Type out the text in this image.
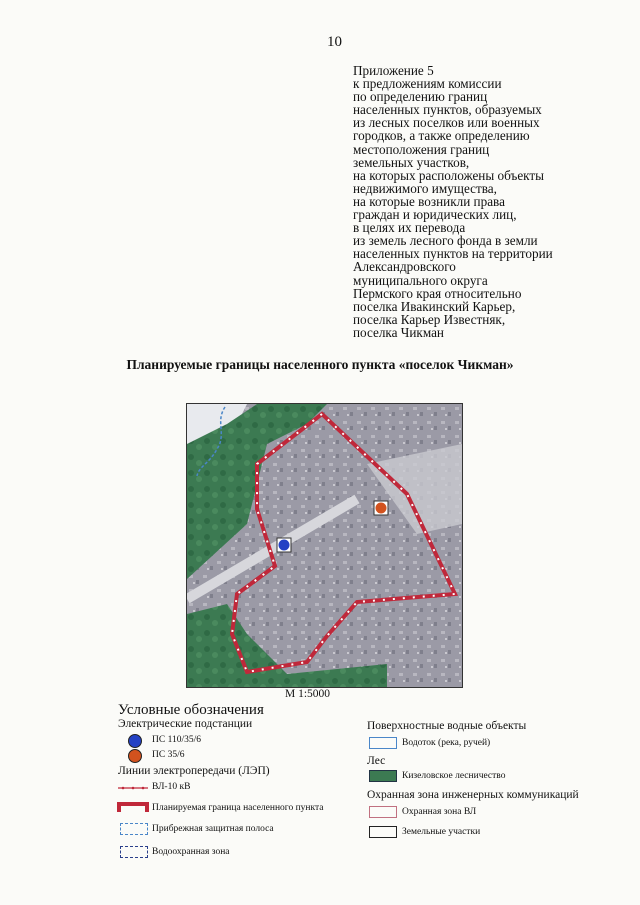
10
Приложение 5
к предложениям комиссии
по определению границ
населенных пунктов, образуемых
из лесных поселков или военных
городков, а также определению
местоположения границ
земельных участков,
на которых расположены объекты
недвижимого имущества,
на которые возникли права
граждан и юридических лиц,
в целях их перевода
из земель лесного фонда в земли
населенных пунктов на территории
Александровского
муниципального округа
Пермского края относительно
поселка Ивакинский Карьер,
поселка Карьер Известняк,
поселка Чикман
Планируемые границы населенного пункта «поселок Чикман»
М 1:5000
Условные обозначения
Электрические подстанции
ПС 110/35/6
ПС 35/6
Линии электропередачи (ЛЭП)
ВЛ-10 кВ
Планируемая граница населенного пункта
Прибрежная защитная полоса
Водоохранная зона
Поверхностные водные объекты
Водоток (река, ручей)
Лес
Кизеловское лесничество
Охранная зона инженерных коммуникаций
Охранная зона ВЛ
Земельные участки
